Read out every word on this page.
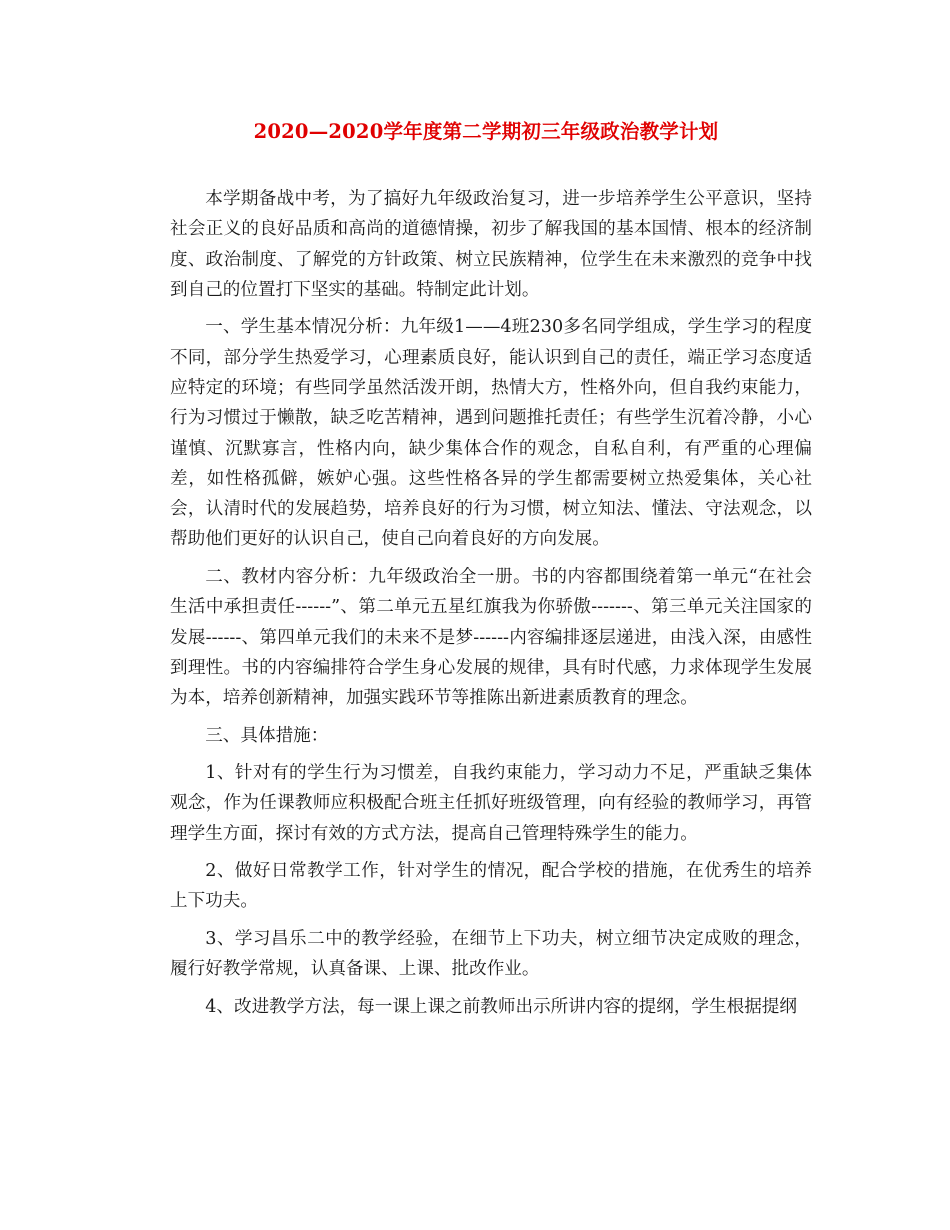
2020—2020学年度第二学期初三年级政治教学计划

本学期备战中考，为了搞好九年级政治复习，进一步培养学生公平意识，坚持社会正义的良好品质和高尚的道德情操，初步了解我国的基本国情、根本的经济制度、政治制度、了解党的方针政策、树立民族精神，位学生在未来激烈的竞争中找到自己的位置打下坚实的基础。特制定此计划。

一、学生基本情况分析：九年级1——4班230多名同学组成，学生学习的程度不同，部分学生热爱学习，心理素质良好，能认识到自己的责任，端正学习态度适应特定的环境；有些同学虽然活泼开朗，热情大方，性格外向，但自我约束能力，行为习惯过于懒散，缺乏吃苦精神，遇到问题推托责任；有些学生沉着冷静，小心谨慎、沉默寡言，性格内向，缺少集体合作的观念，自私自利，有严重的心理偏差，如性格孤僻，嫉妒心强。这些性格各异的学生都需要树立热爱集体，关心社会，认清时代的发展趋势，培养良好的行为习惯，树立知法、懂法、守法观念，以帮助他们更好的认识自己，使自己向着良好的方向发展。

二、教材内容分析：九年级政治全一册。书的内容都围绕着第一单元“在社会生活中承担责任------”、第二单元五星红旗我为你骄傲-------、第三单元关注国家的发展------、第四单元我们的未来不是梦------内容编排逐层递进，由浅入深，由感性到理性。书的内容编排符合学生身心发展的规律，具有时代感，力求体现学生发展为本，培养创新精神，加强实践环节等推陈出新进素质教育的理念。

三、具体措施：

1、针对有的学生行为习惯差，自我约束能力，学习动力不足，严重缺乏集体观念，作为任课教师应积极配合班主任抓好班级管理，向有经验的教师学习，再管理学生方面，探讨有效的方式方法，提高自己管理特殊学生的能力。

2、做好日常教学工作，针对学生的情况，配合学校的措施，在优秀生的培养上下功夫。

3、学习昌乐二中的教学经验，在细节上下功夫，树立细节决定成败的理念，履行好教学常规，认真备课、上课、批改作业。

4、改进教学方法，每一课上课之前教师出示所讲内容的提纲，学生根据提纲
